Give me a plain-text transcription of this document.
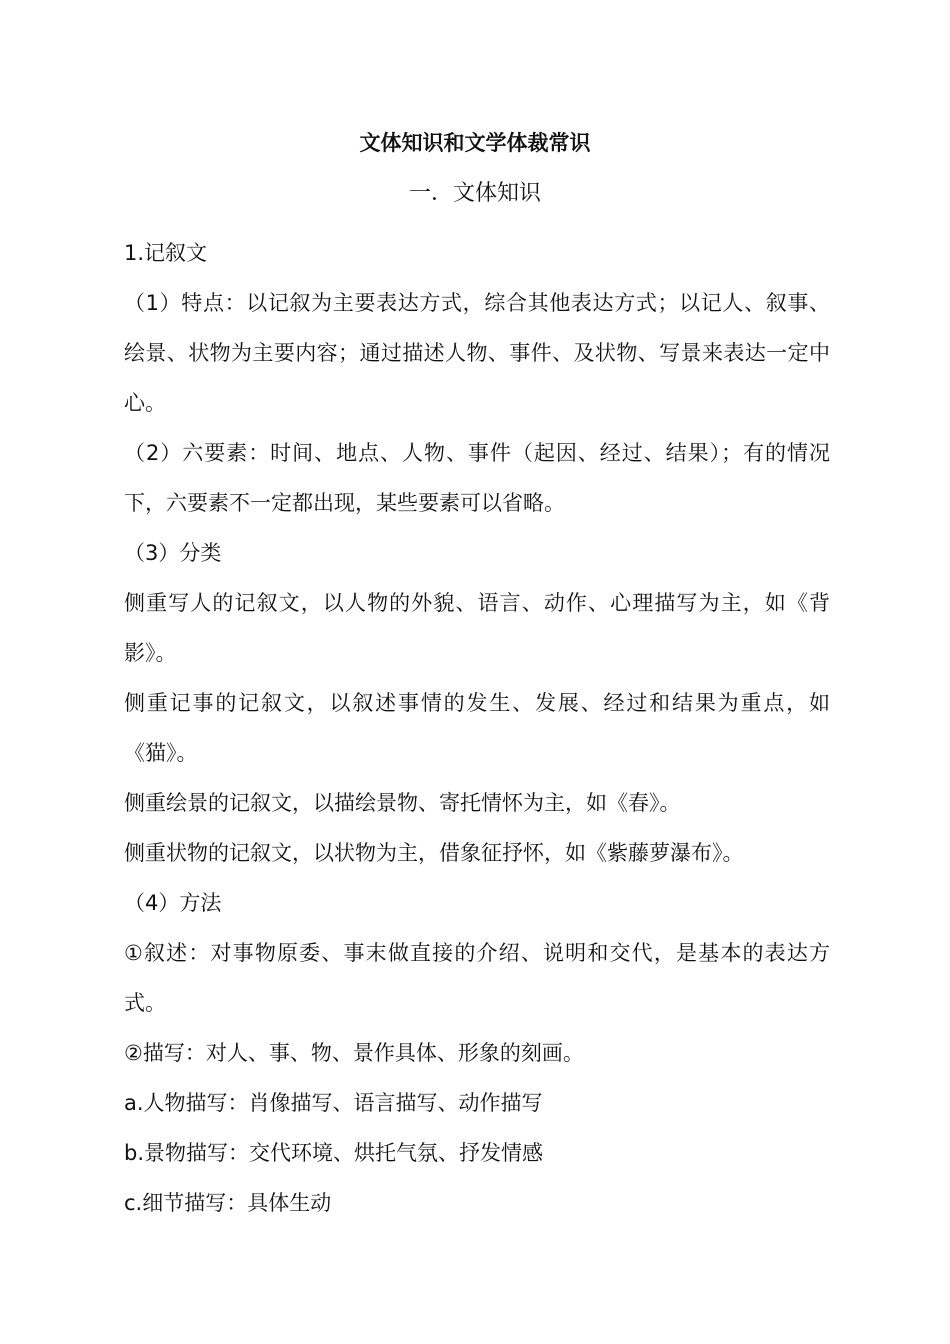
文体知识和文学体裁常识
一．文体知识

1.记叙文

（1）特点：以记叙为主要表达方式，综合其他表达方式；以记人、叙事、绘景、状物为主要内容；通过描述人物、事件、及状物、写景来表达一定中心。

（2）六要素：时间、地点、人物、事件（起因、经过、结果）；有的情况下，六要素不一定都出现，某些要素可以省略。

（3）分类

侧重写人的记叙文，以人物的外貌、语言、动作、心理描写为主，如《背影》。

侧重记事的记叙文，以叙述事情的发生、发展、经过和结果为重点，如《猫》。

侧重绘景的记叙文，以描绘景物、寄托情怀为主，如《春》。

侧重状物的记叙文，以状物为主，借象征抒怀，如《紫藤萝瀑布》。

（4）方法

①叙述：对事物原委、事末做直接的介绍、说明和交代，是基本的表达方式。

②描写：对人、事、物、景作具体、形象的刻画。

a.人物描写：肖像描写、语言描写、动作描写

b.景物描写：交代环境、烘托气氛、抒发情感

c.细节描写：具体生动
